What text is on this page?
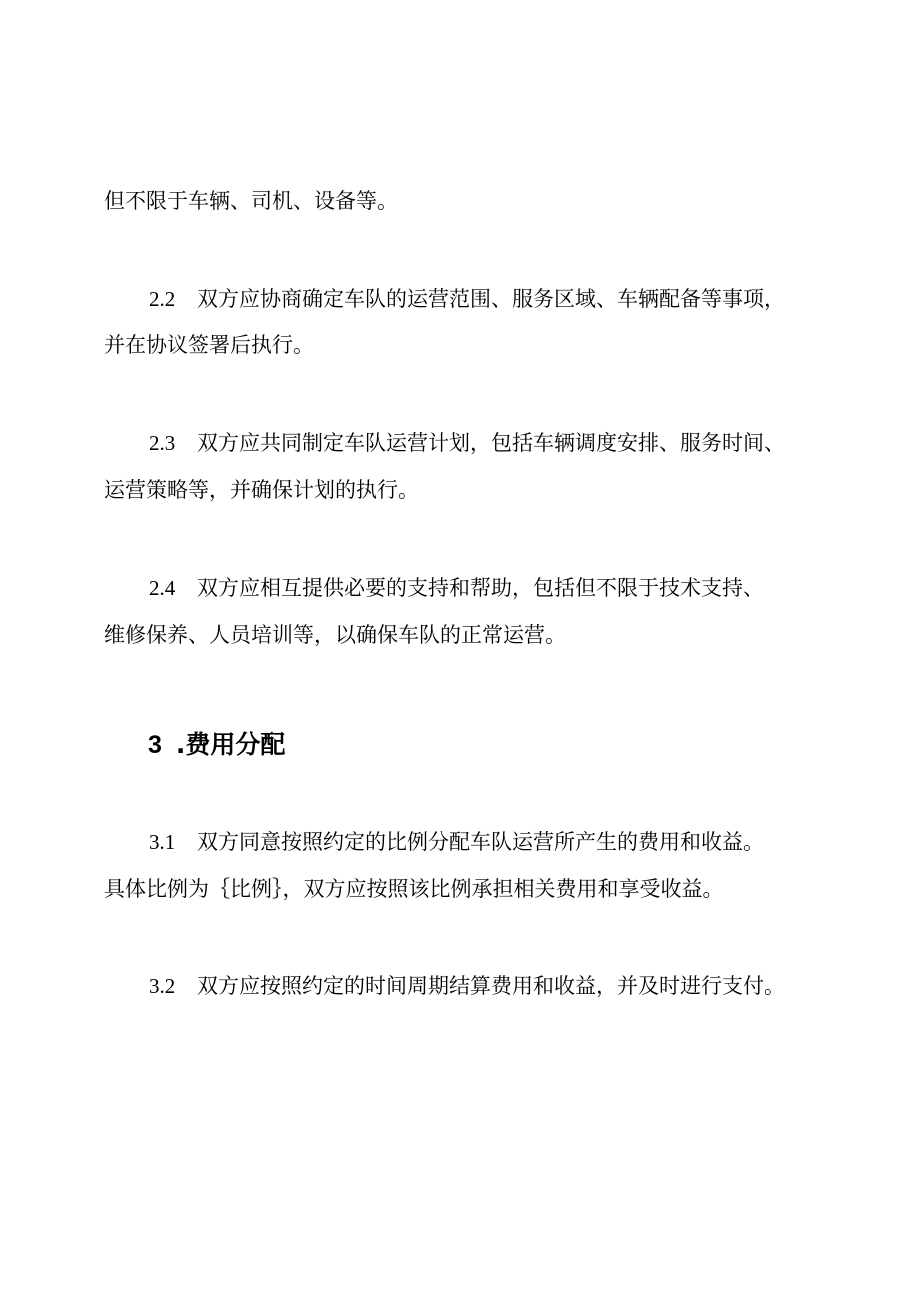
但不限于车辆、司机、设备等。
2.2 双方应协商确定车队的运营范围、服务区域、车辆配备等事项，
并在协议签署后执行。
2.3 双方应共同制定车队运营计划，包括车辆调度安排、服务时间、
运营策略等，并确保计划的执行。
2.4 双方应相互提供必要的支持和帮助，包括但不限于技术支持、
维修保养、人员培训等，以确保车队的正常运营。
3 .费用分配
3.1 双方同意按照约定的比例分配车队运营所产生的费用和收益。
具体比例为｛比例｝，双方应按照该比例承担相关费用和享受收益。
3.2 双方应按照约定的时间周期结算费用和收益，并及时进行支付。
